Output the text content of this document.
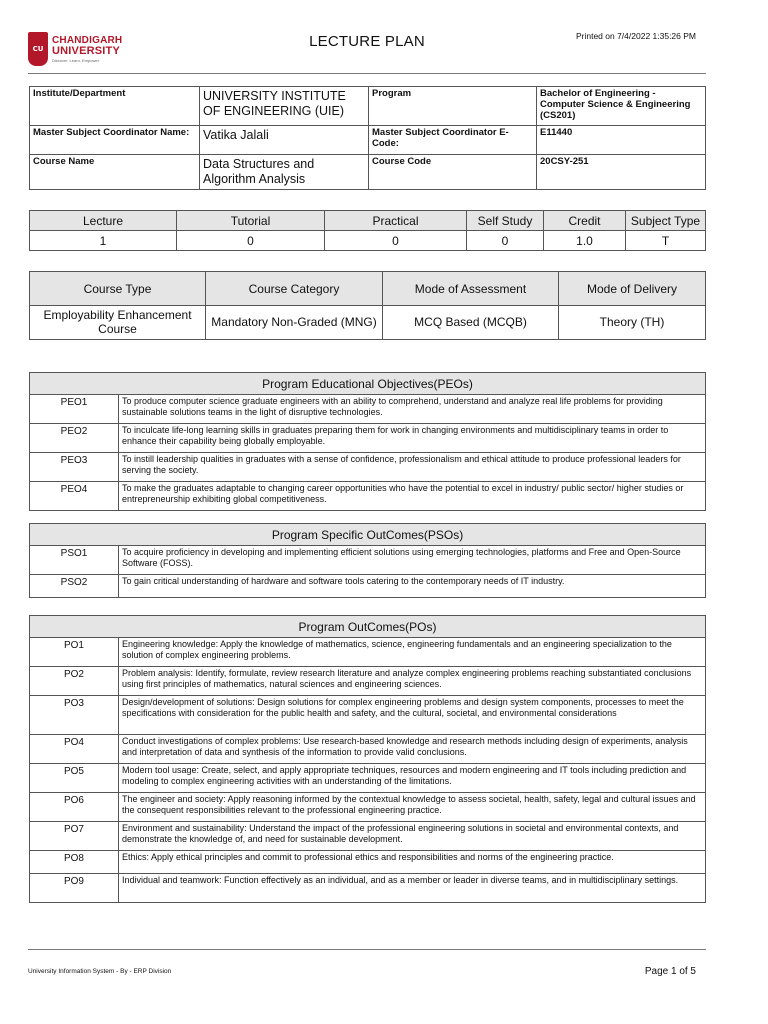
CU
CHANDIGARH
UNIVERSITY
Discover. Learn. Empower.
LECTURE PLAN	Printed on 7/4/2022 1:35:26 PM
Institute/Department	UNIVERSITY INSTITUTE OF ENGINEERING (UIE)	Program	Bachelor of Engineering - Computer Science & Engineering (CS201)
Master Subject Coordinator Name:	Vatika Jalali	Master Subject Coordinator E-Code:	E11440
Course Name	Data Structures and Algorithm Analysis	Course Code	20CSY-251
Lecture	Tutorial	Practical	Self Study	Credit	Subject Type
1	0	0	0	1.0	T
Course Type	Course Category	Mode of Assessment	Mode of Delivery
Employability Enhancement Course	Mandatory Non-Graded (MNG)	MCQ Based (MCQB)	Theory (TH)
Program Educational Objectives(PEOs)	
PEO1	To produce computer science graduate engineers with an ability to comprehend, understand and analyze real life problems for providing sustainable solutions teams in the light of disruptive technologies.
PEO2	To inculcate life-long learning skills in graduates preparing them for work in changing environments and multidisciplinary teams in order to enhance their capability being globally employable.
PEO3	To instill leadership qualities in graduates with a sense of confidence, professionalism and ethical attitude to produce professional leaders for serving the society.
PEO4	To make the graduates adaptable to changing career opportunities who have the potential to excel in industry/ public sector/ higher studies or entrepreneurship exhibiting global competitiveness.
Program Specific OutComes(PSOs)	
PSO1	To acquire proficiency in developing and implementing efficient solutions using emerging technologies, platforms and Free and Open-Source Software (FOSS).
PSO2	To gain critical understanding of hardware and software tools catering to the contemporary needs of IT industry.
Program OutComes(POs)	
PO1	Engineering knowledge: Apply the knowledge of mathematics, science, engineering fundamentals and an engineering specialization to the solution of complex engineering problems.
PO2	Problem analysis: Identify, formulate, review research literature and analyze complex engineering problems reaching substantiated conclusions using first principles of mathematics, natural sciences and engineering sciences.
PO3	Design/development of solutions: Design solutions for complex engineering problems and design system components, processes to meet the specifications with consideration for the public health and safety, and the cultural, societal, and environmental considerations
PO4	Conduct investigations of complex problems: Use research-based knowledge and research methods including design of experiments, analysis and interpretation of data and synthesis of the information to provide valid conclusions.
PO5	Modern tool usage: Create, select, and apply appropriate techniques, resources and modern engineering and IT tools including prediction and modeling to complex engineering activities with an understanding of the limitations.
PO6	The engineer and society: Apply reasoning informed by the contextual knowledge to assess societal, health, safety, legal and cultural issues and the consequent responsibilities relevant to the professional engineering practice.
PO7	Environment and sustainability: Understand the impact of the professional engineering solutions in societal and environmental contexts, and demonstrate the knowledge of, and need for sustainable development.
PO8	Ethics: Apply ethical principles and commit to professional ethics and responsibilities and norms of the engineering practice.
PO9	Individual and teamwork: Function effectively as an individual, and as a member or leader in diverse teams, and in multidisciplinary settings.
University Information System - By - ERP Division	Page 1 of 5
